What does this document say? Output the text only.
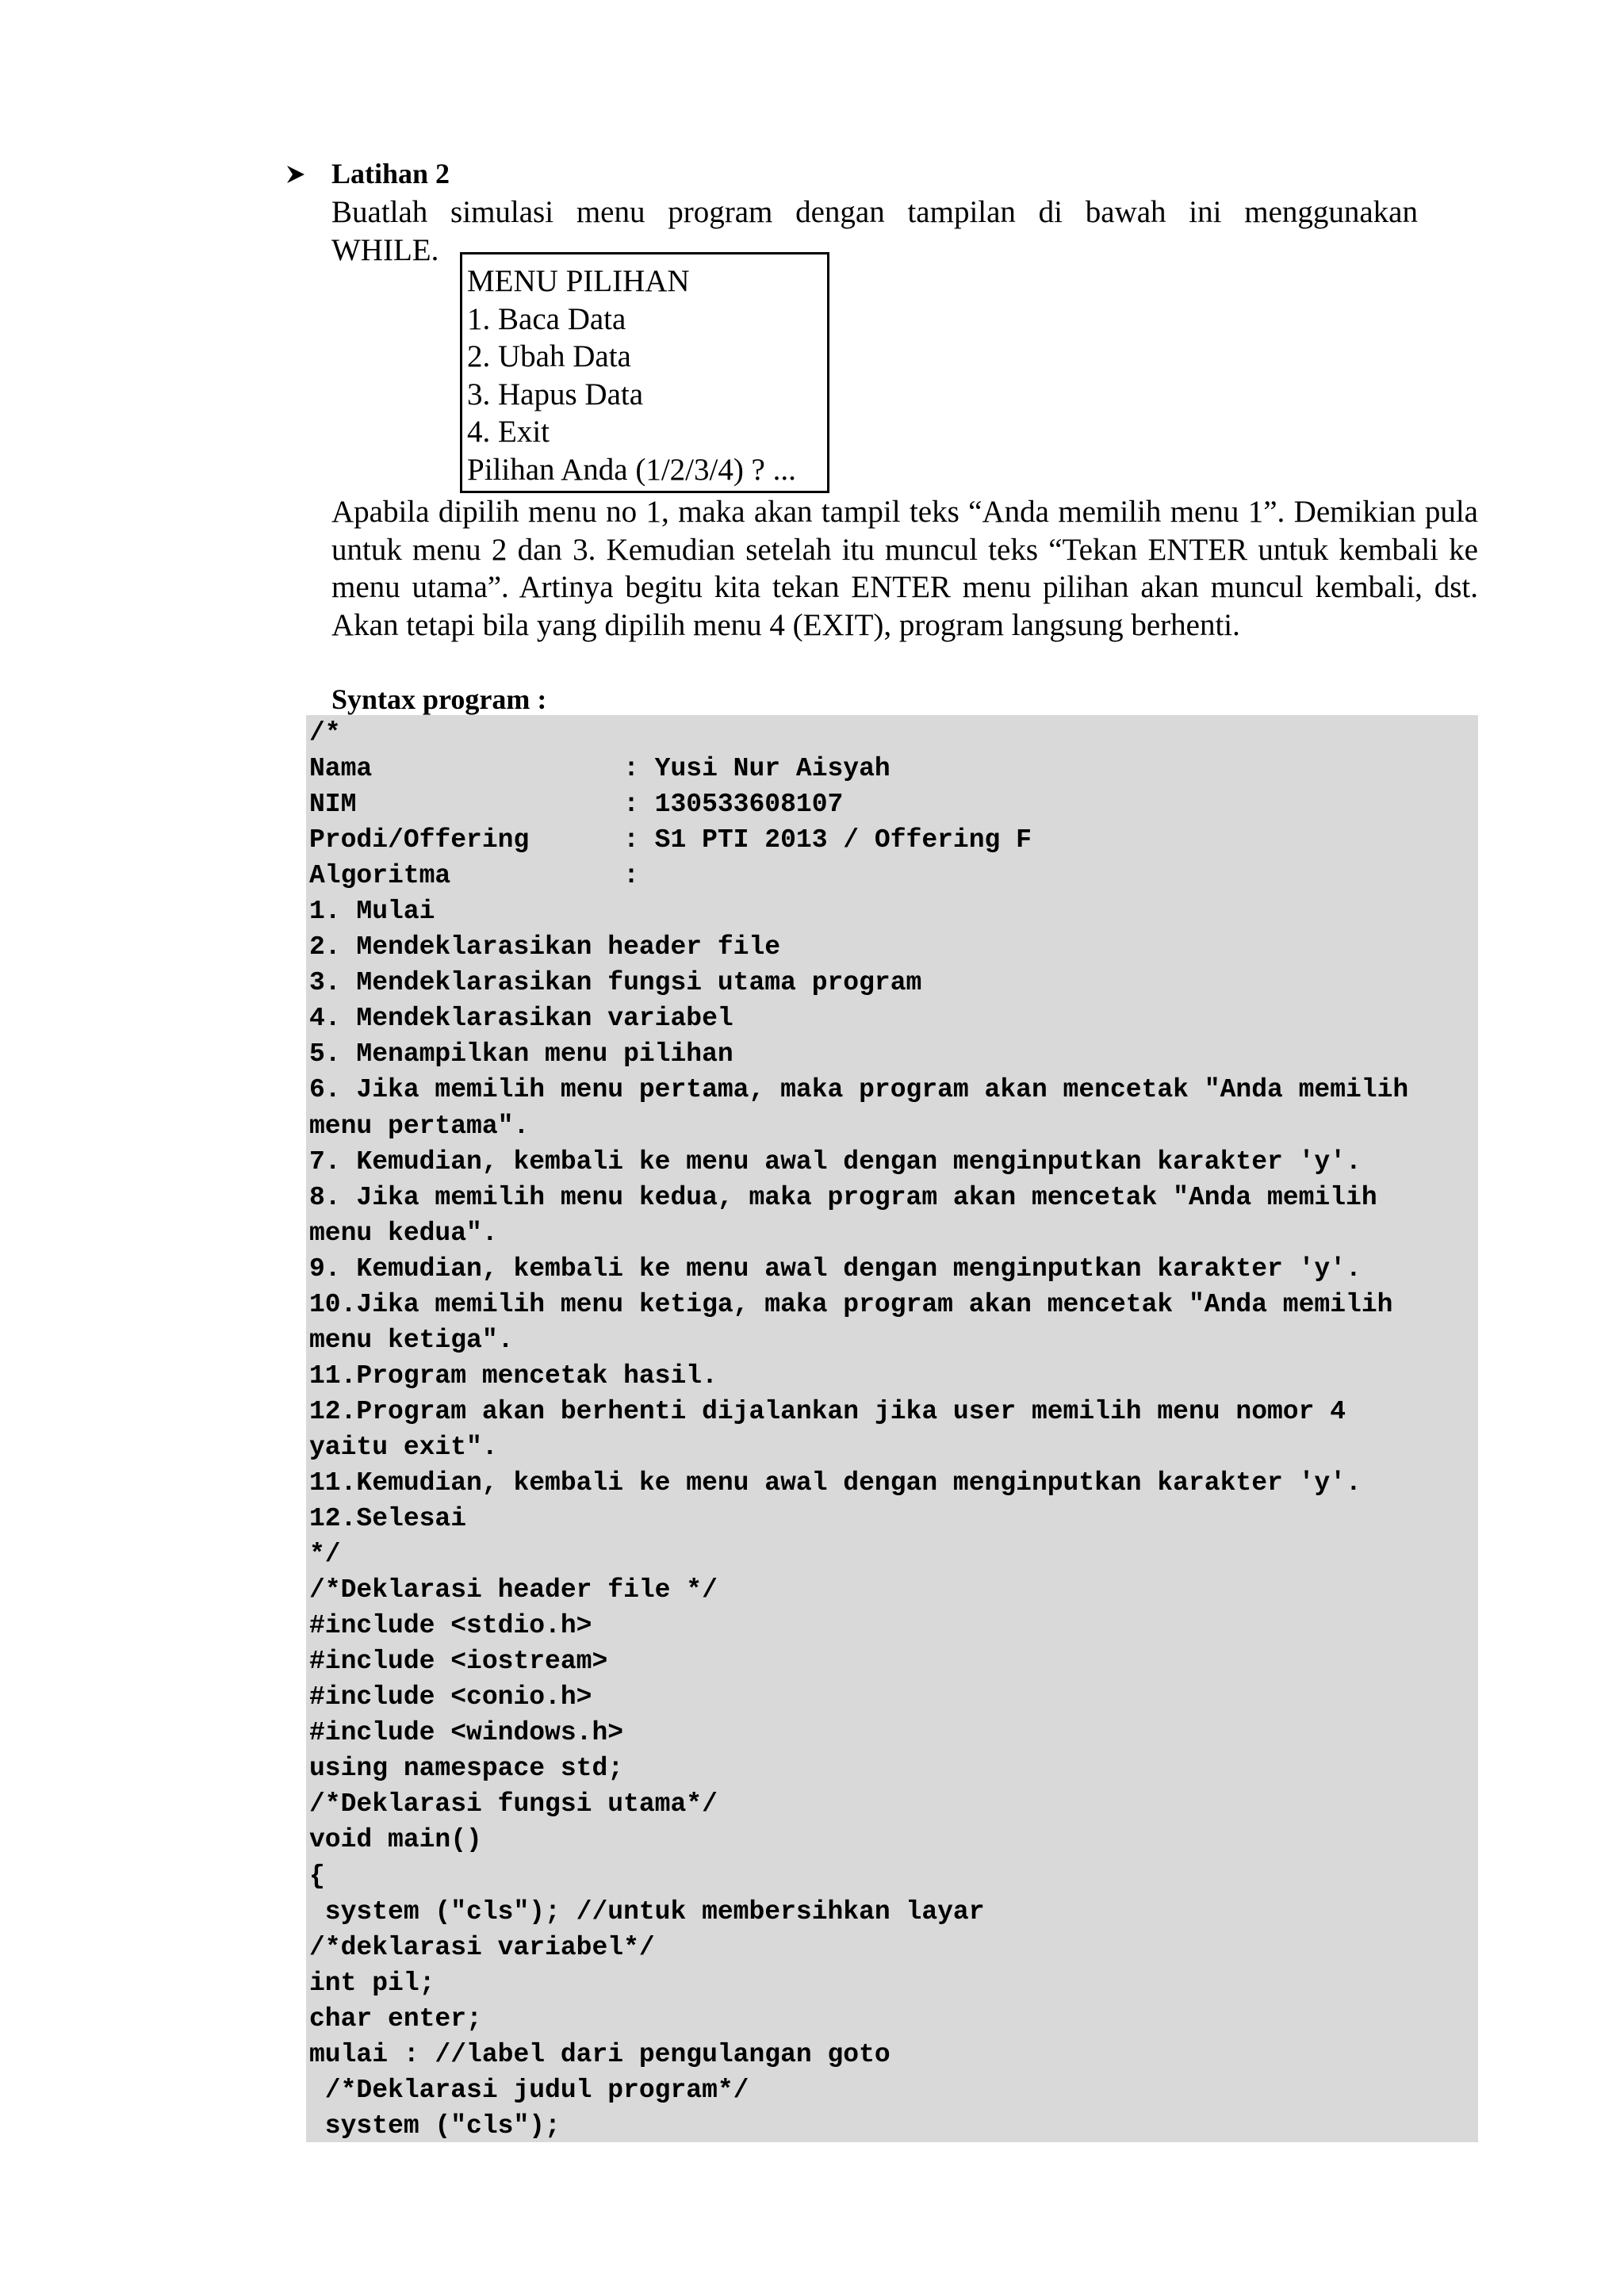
Latihan 2
Buatlah simulasi menu program dengan tampilan di bawah ini menggunakan
WHILE.
MENU PILIHAN
1. Baca Data
2. Ubah Data
3. Hapus Data
4. Exit
Pilihan Anda (1/2/3/4) ? ...
Apabila dipilih menu no 1, maka akan tampil teks “Anda memilih menu 1”. Demikian pula untuk menu 2 dan 3. Kemudian setelah itu muncul teks “Tekan ENTER untuk kembali ke menu utama”. Artinya begitu kita tekan ENTER menu pilihan akan muncul kembali, dst. Akan tetapi bila yang dipilih menu 4 (EXIT), program langsung berhenti.
Syntax program :
/*
Nama                : Yusi Nur Aisyah
NIM                 : 130533608107
Prodi/Offering      : S1 PTI 2013 / Offering F
Algoritma           :
1. Mulai
2. Mendeklarasikan header file
3. Mendeklarasikan fungsi utama program
4. Mendeklarasikan variabel
5. Menampilkan menu pilihan
6. Jika memilih menu pertama, maka program akan mencetak "Anda memilih
menu pertama".
7. Kemudian, kembali ke menu awal dengan menginputkan karakter 'y'.
8. Jika memilih menu kedua, maka program akan mencetak "Anda memilih
menu kedua".
9. Kemudian, kembali ke menu awal dengan menginputkan karakter 'y'.
10.Jika memilih menu ketiga, maka program akan mencetak "Anda memilih
menu ketiga".
11.Program mencetak hasil.
12.Program akan berhenti dijalankan jika user memilih menu nomor 4
yaitu exit".
11.Kemudian, kembali ke menu awal dengan menginputkan karakter 'y'.
12.Selesai
*/
/*Deklarasi header file */
#include <stdio.h>
#include <iostream>
#include <conio.h>
#include <windows.h>
using namespace std;
/*Deklarasi fungsi utama*/
void main()
{
system ("cls"); //untuk membersihkan layar
/*deklarasi variabel*/
int pil;
char enter;
mulai : //label dari pengulangan goto
/*Deklarasi judul program*/
system ("cls");
